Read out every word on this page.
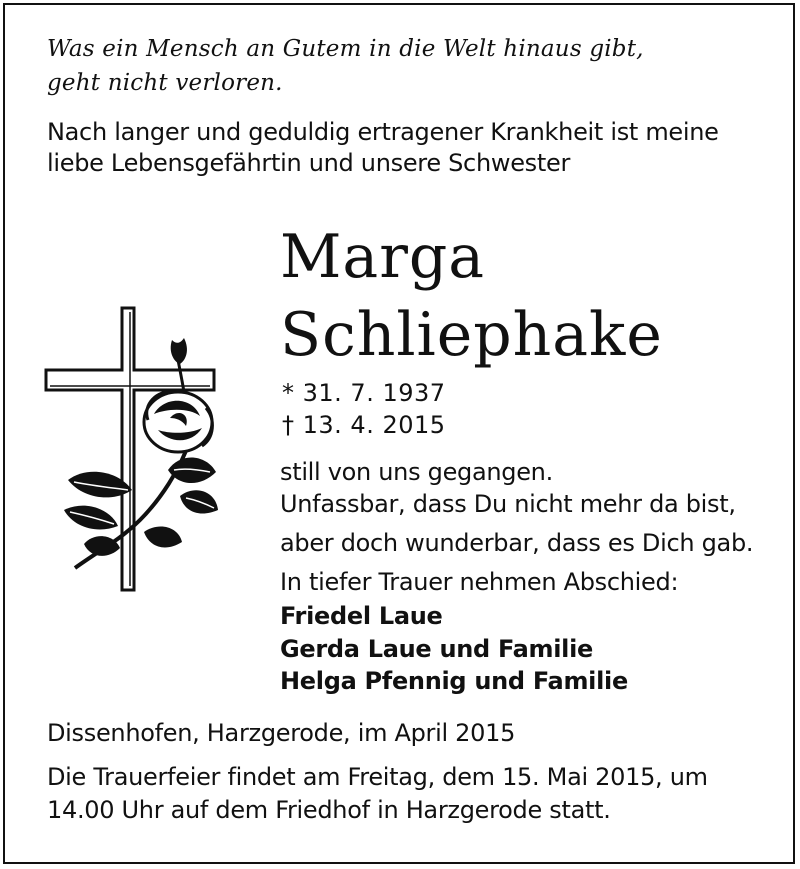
Was ein Mensch an Gutem in die Welt hinaus gibt,
geht nicht verloren.
Nach langer und geduldig ertragener Krankheit ist meine
liebe Lebensgefährtin und unsere Schwester
Marga
Schliephake
* 31. 7. 1937
† 13. 4. 2015
still von uns gegangen.
Unfassbar, dass Du nicht mehr da bist,
aber doch wunderbar, dass es Dich gab.
In tiefer Trauer nehmen Abschied:
Friedel Laue
Gerda Laue und Familie
Helga Pfennig und Familie
Dissenhofen, Harzgerode, im April 2015
Die Trauerfeier findet am Freitag, dem 15. Mai 2015, um
14.00 Uhr auf dem Friedhof in Harzgerode statt.
